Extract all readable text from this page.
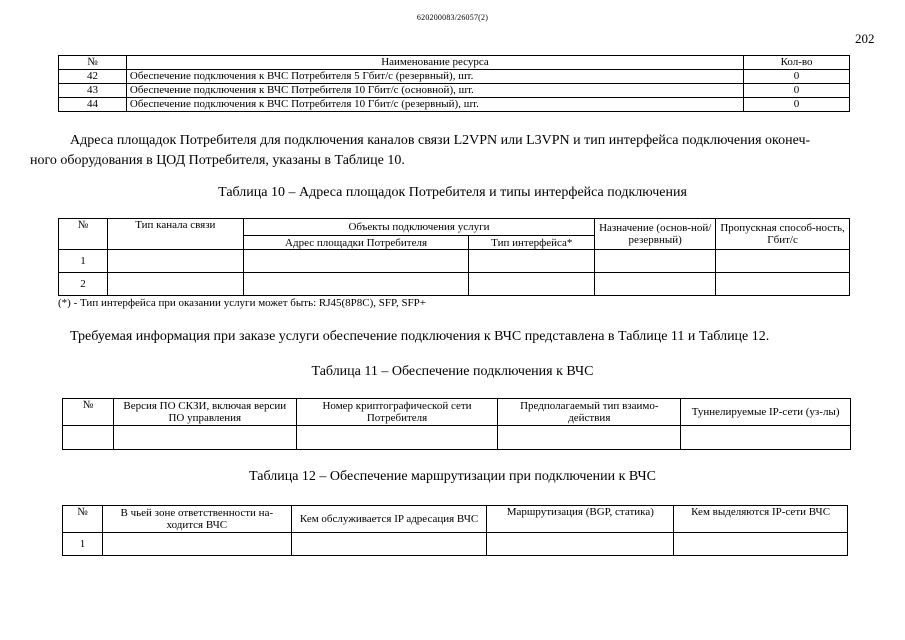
620200083/26057(2)
202
№	Наименование ресурса	Кол-во
42	Обеспечение подключения к ВЧС Потребителя 5 Гбит/с (резервный), шт.	0
43	Обеспечение подключения к ВЧС Потребителя 10 Гбит/с (основной), шт.	0
44	Обеспечение подключения к ВЧС Потребителя 10 Гбит/с (резервный), шт.	0
Адреса площадок Потребителя для подключения каналов связи L2VPN или L3VPN и тип интерфейса подключения оконеч-
ного оборудования в ЦОД Потребителя, указаны в Таблице 10.
Таблица 10 – Адреса площадок Потребителя и типы интерфейса подключения
№	Тип канала связи	Объекты подключения услуги		Назначение (основ-ной/ резервный)	Пропускная способ-ность, Гбит/с
		Адрес площадки Потребителя	Тип интерфейса*		
1					
2					
(*) - Тип интерфейса при оказании услуги может быть: RJ45(8P8C), SFP, SFP+
Требуемая информация при заказе услуги обеспечение подключения к ВЧС представлена в Таблице 11 и Таблице 12.
Таблица 11 – Обеспечение подключения к ВЧС
№	Версия ПО СКЗИ, включая версии ПО управления	Номер криптографической сети Потребителя	Предполагаемый тип взаимо-действия	Туннелируемые IP-сети (уз-лы)

Таблица 12 – Обеспечение маршрутизации при подключении к ВЧС
№	В чьей зоне ответственности на-ходится ВЧС	Кем обслуживается IP адресация ВЧС	Маршрутизация (BGP, статика)	Кем выделяются IP-сети ВЧС
1				
